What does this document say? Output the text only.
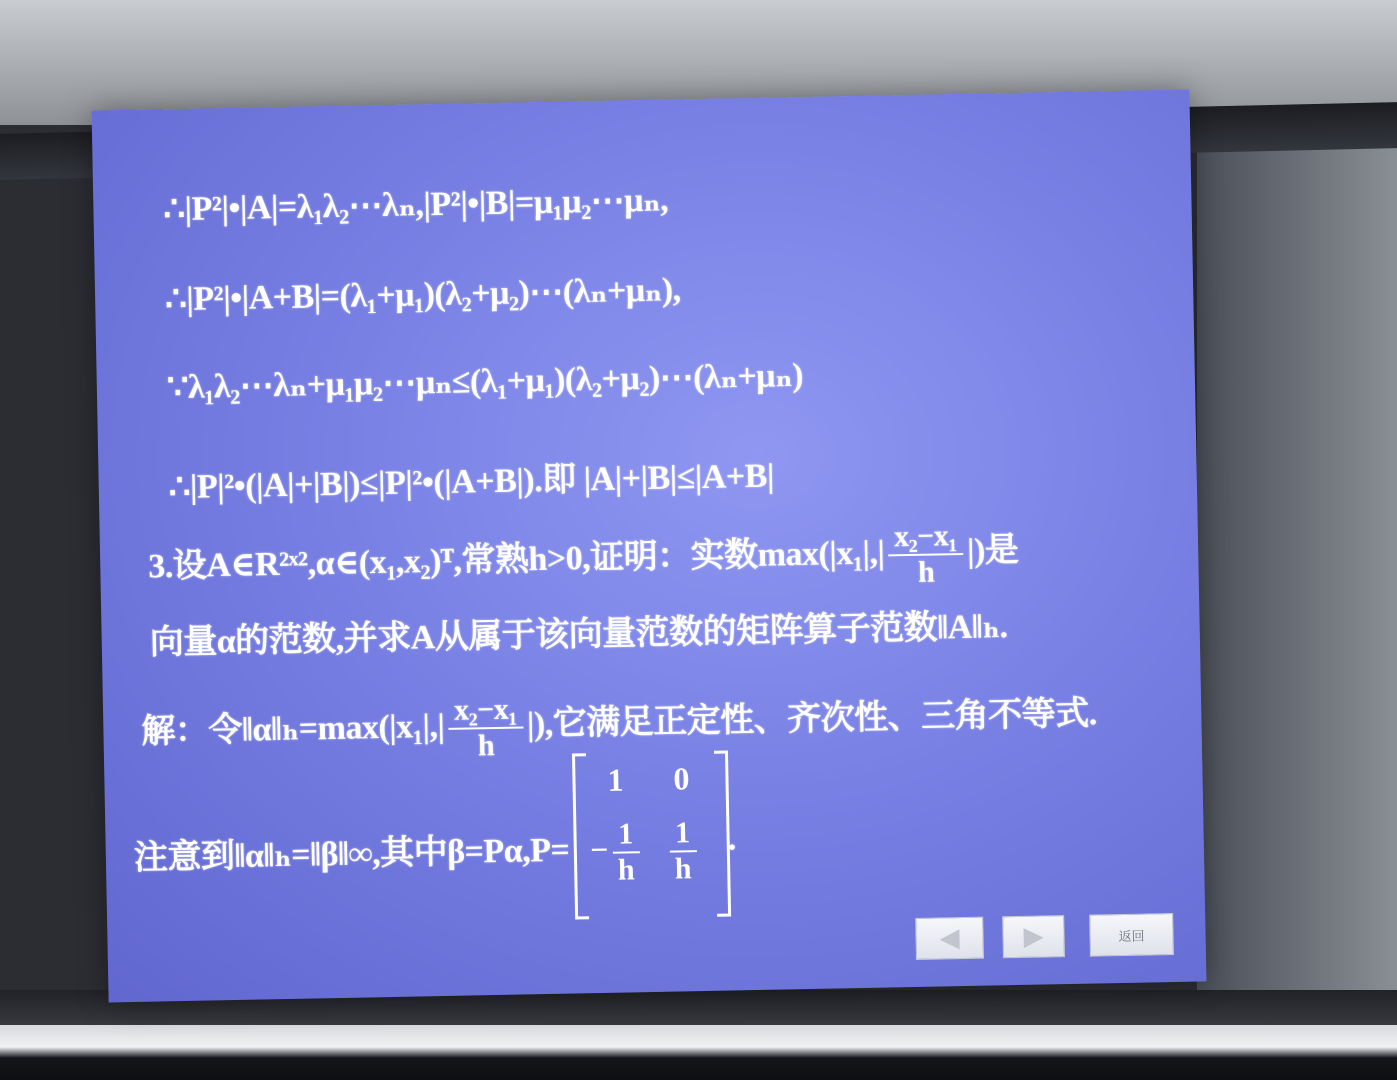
∴|P²|•|A|=λ₁λ₂⋯λₙ,|P²|•|B|=μ₁μ₂⋯μₙ,
∴|P²|•|A+B|=(λ₁+μ₁)(λ₂+μ₂)⋯(λₙ+μₙ),
∵λ₁λ₂⋯λₙ+μ₁μ₂⋯μₙ≤(λ₁+μ₁)(λ₂+μ₂)⋯(λₙ+μₙ)
∴|P|²•(|A|+|B|)≤|P|²•(|A+B|).即 |A|+|B|≤|A+B|
3.设A∈R²ˣ²,α∈(x₁,x₂)ᵀ,常熟h>0,证明：实数$\max(|x_1|,| \frac{\text{x₂−x₁}}{h}$ |)是
向量α的范数,并求A从属于该向量范数的矩阵算子范数‖A‖ₕ.
解：令‖α‖ₕ=max(|x₁|,| $\frac{\text{x₂−x₁}}{h}$ |),它满足正定性、齐次性、三角不等式.
注意到‖α‖ₕ=‖β‖∞,其中β=Pα,P=
1	0
− $\frac{1}{h} \frac{1}{h}$ .
◀ ▶	返回
